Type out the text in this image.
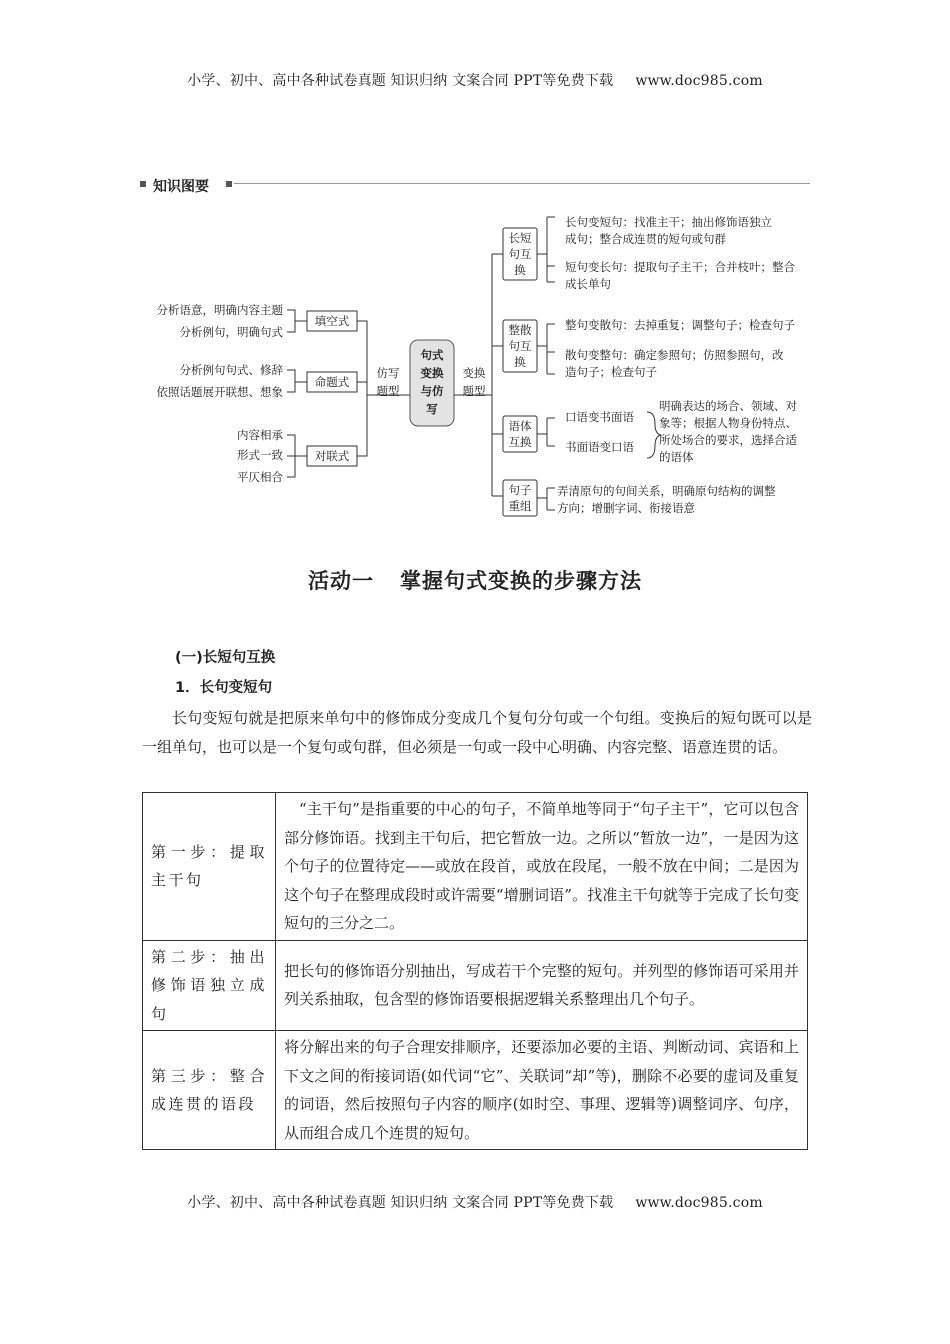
小学、初中、高中各种试卷真题 知识归纳 文案合同 PPT等免费下载 www.doc985.com
知识图要
分析语意，明确内容主题
分析例句，明确句式
分析例句句式、修辞
依照话题展开联想、想象
内容相承
形式一致
平仄相合
填空式
命题式
对联式
仿写
题型
句式
变换
与仿
写
变换
题型
长短
句互
换
整散
句互
换
语体
互换
句子
重组
长句变短句：找准主干；抽出修饰语独立
成句；整合成连贯的短句或句群
短句变长句：提取句子主干；合并枝叶；整合
成长单句
整句变散句：去掉重复；调整句子；检查句子
散句变整句：确定参照句；仿照参照句，改
造句子；检查句子
口语变书面语
书面语变口语
明确表达的场合、领域、对
象等；根据人物身份特点、
所处场合的要求，选择合适
的语体
弄清原句的句间关系，明确原句结构的调整
方向；增删字词、衔接语意
活动一 掌握句式变换的步骤方法
(一)长短句互换
1．长句变短句
长句变短句就是把原来单句中的修饰成分变成几个复句分句或一个句组。变换后的短句既可以是一组单句，也可以是一个复句或句群，但必须是一句或一段中心明确、内容完整、语意连贯的话。
第一步：提取主干句	“主干句”是指重要的中心的句子，不简单地等同于“句子主干”，它可以包含部分修饰语。找到主干句后，把它暂放一边。之所以“暂放一边”，一是因为这个句子的位置待定——或放在段首，或放在段尾，一般不放在中间；二是因为这个句子在整理成段时或许需要“增删词语”。找准主干句就等于完成了长句变短句的三分之二。
第二步：抽出修饰语独立成句	把长句的修饰语分别抽出，写成若干个完整的短句。并列型的修饰语可采用并列关系抽取，包含型的修饰语要根据逻辑关系整理出几个句子。
第三步：整合成连贯的语段	将分解出来的句子合理安排顺序，还要添加必要的主语、判断动词、宾语和上下文之间的衔接词语(如代词“它”、关联词“却”等)，删除不必要的虚词及重复的词语，然后按照句子内容的顺序(如时空、事理、逻辑等)调整词序、句序，从而组合成几个连贯的短句。
小学、初中、高中各种试卷真题 知识归纳 文案合同 PPT等免费下载 www.doc985.com
